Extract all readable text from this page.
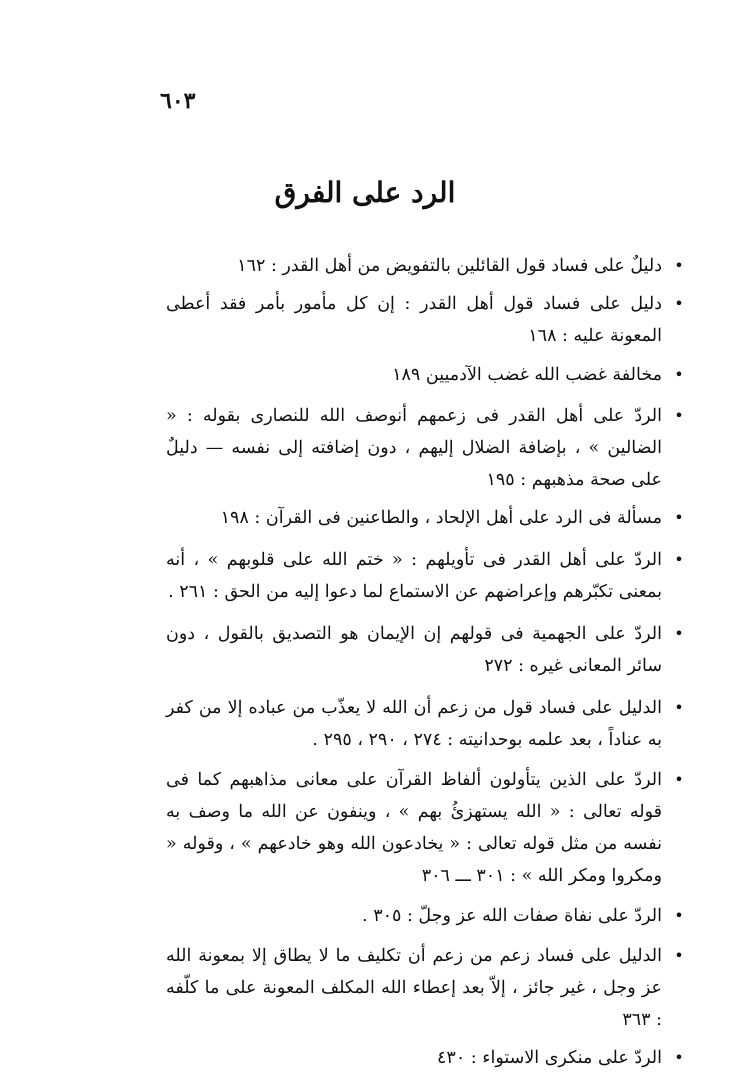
٦٠٣
الرد على الفرق
•
دليلٌ على فساد قول القائلين بالتفويض من أهل القدر : ١٦٢
•
دليل على فساد قول أهل القدر : إن كل مأمور بأمر فقد أعطى المعونة عليه : ١٦٨
•
مخالفة غضب الله غضب الآدميين ١٨٩
•
الردّ على أهل القدر فى زعمهم أنوصف الله للنصارى بقوله : « الضالين » ، بإضافة الضلال إليهم ، دون إضافته إلى نفسه — دليلٌ على صحة مذهبهم : ١٩٥
•
مسألة فى الرد على أهل الإلحاد ، والطاعنين فى القرآن : ١٩٨
•
الردّ على أهل القدر فى تأويلهم : « ختم الله على قلوبهم » ، أنه بمعنى تكبّرهم وإعراضهم عن الاستماع لما دعوا إليه من الحق : ٢٦١ .
•
الردّ على الجهمية فى قولهم إن الإيمان هو التصديق بالقول ، دون سائر المعانى غيره : ٢٧٢
•
الدليل على فساد قول من زعم أن الله لا يعذّب من عباده إلا من كفر به عناداً ، بعد علمه بوحدانيته : ٢٧٤ ، ٢٩٠ ، ٢٩٥ .
•
الردّ على الذين يتأولون ألفاظ القرآن على معانى مذاهبهم كما فى قوله تعالى : « الله يستهزئُ بهم » ، وينفون عن الله ما وصف به نفسه من مثل قوله تعالى : « يخادعون الله وهو خادعهم » ، وقوله « ومكروا ومكر الله » : ٣٠١ ـــ ٣٠٦
•
الردّ على نفاة صفات الله عز وجلّ : ٣٠٥ .
•
الدليل على فساد زعم من زعم أن تكليف ما لا يطاق إلا بمعونة الله عز وجل ، غير جائز ، إلاّ بعد إعطاء الله المكلف المعونة على ما كلّفه : ٣٦٣
•
الردّ على منكرى الاستواء : ٤٣٠
